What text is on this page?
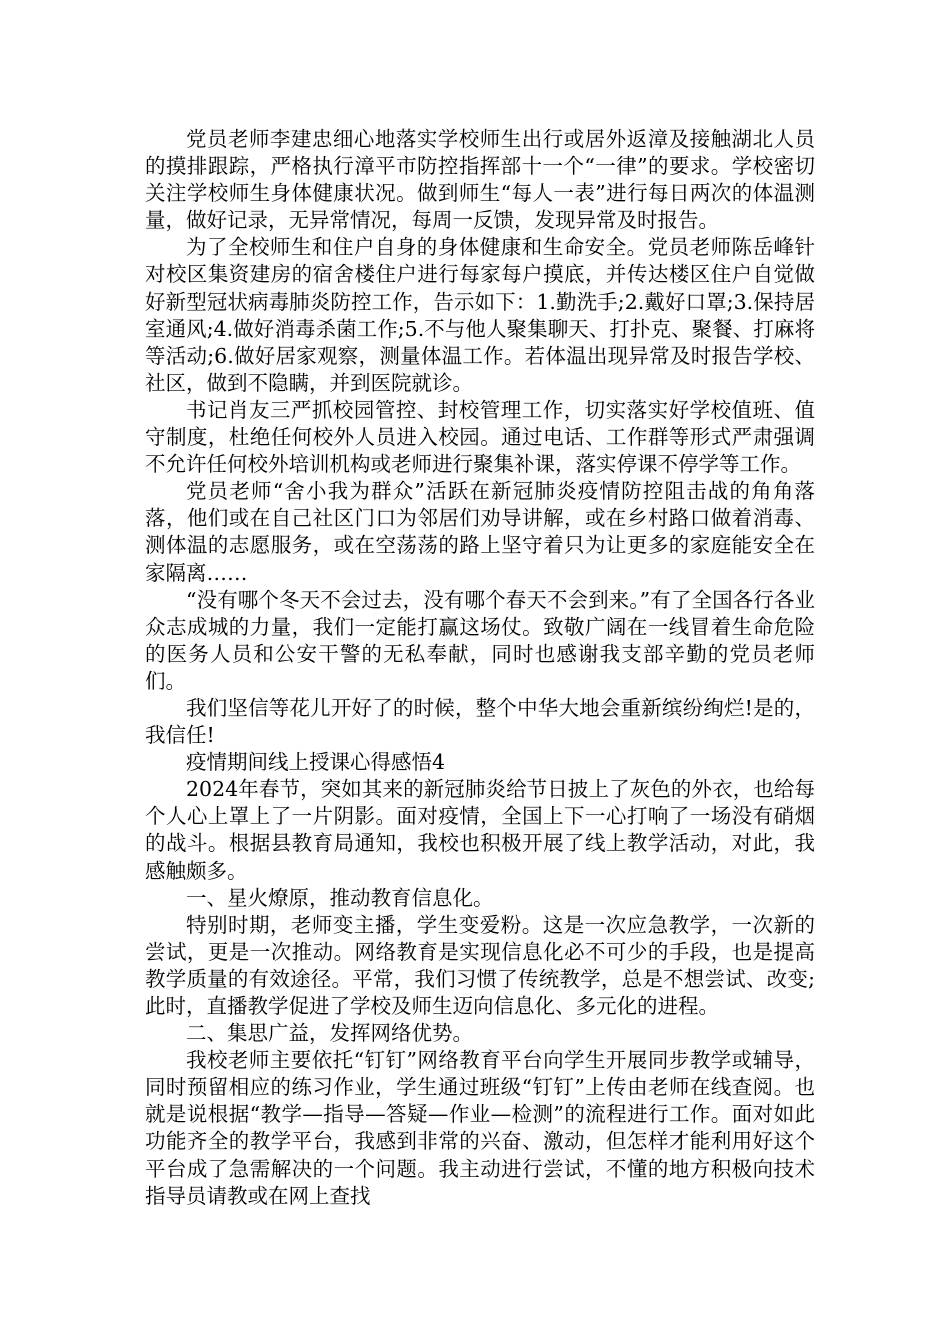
党员老师李建忠细心地落实学校师生出行或居外返漳及接触湖北人员的摸排跟踪，严格执行漳平市防控指挥部十一个“一律”的要求。学校密切关注学校师生身体健康状况。做到师生“每人一表”进行每日两次的体温测量，做好记录，无异常情况，每周一反馈，发现异常及时报告。

为了全校师生和住户自身的身体健康和生命安全。党员老师陈岳峰针对校区集资建房的宿舍楼住户进行每家每户摸底，并传达楼区住户自觉做好新型冠状病毒肺炎防控工作，告示如下：1.勤洗手;2.戴好口罩;3.保持居室通风;4.做好消毒杀菌工作;5.不与他人聚集聊天、打扑克、聚餐、打麻将等活动;6.做好居家观察，测量体温工作。若体温出现异常及时报告学校、社区，做到不隐瞒，并到医院就诊。

书记肖友三严抓校园管控、封校管理工作，切实落实好学校值班、值守制度，杜绝任何校外人员进入校园。通过电话、工作群等形式严肃强调不允许任何校外培训机构或老师进行聚集补课，落实停课不停学等工作。

党员老师“舍小我为群众”活跃在新冠肺炎疫情防控阻击战的角角落落，他们或在自己社区门口为邻居们劝导讲解，或在乡村路口做着消毒、测体温的志愿服务，或在空荡荡的路上坚守着只为让更多的家庭能安全在家隔离……

“没有哪个冬天不会过去，没有哪个春天不会到来。”有了全国各行各业众志成城的力量，我们一定能打赢这场仗。致敬广阔在一线冒着生命危险的医务人员和公安干警的无私奉献，同时也感谢我支部辛勤的党员老师们。

我们坚信等花儿开好了的时候，整个中华大地会重新缤纷绚烂!是的，我信任!

疫情期间线上授课心得感悟4

2024年春节，突如其来的新冠肺炎给节日披上了灰色的外衣，也给每个人心上罩上了一片阴影。面对疫情，全国上下一心打响了一场没有硝烟的战斗。根据县教育局通知，我校也积极开展了线上教学活动，对此，我感触颇多。

一、星火燎原，推动教育信息化。

特别时期，老师变主播，学生变爱粉。这是一次应急教学，一次新的尝试，更是一次推动。网络教育是实现信息化必不可少的手段，也是提高教学质量的有效途径。平常，我们习惯了传统教学，总是不想尝试、改变;此时，直播教学促进了学校及师生迈向信息化、多元化的进程。

二、集思广益，发挥网络优势。

我校老师主要依托“钉钉”网络教育平台向学生开展同步教学或辅导，同时预留相应的练习作业，学生通过班级“钉钉”上传由老师在线查阅。也就是说根据“教学—指导—答疑—作业—检测”的流程进行工作。面对如此功能齐全的教学平台，我感到非常的兴奋、激动，但怎样才能利用好这个平台成了急需解决的一个问题。我主动进行尝试，不懂的地方积极向技术指导员请教或在网上查找
